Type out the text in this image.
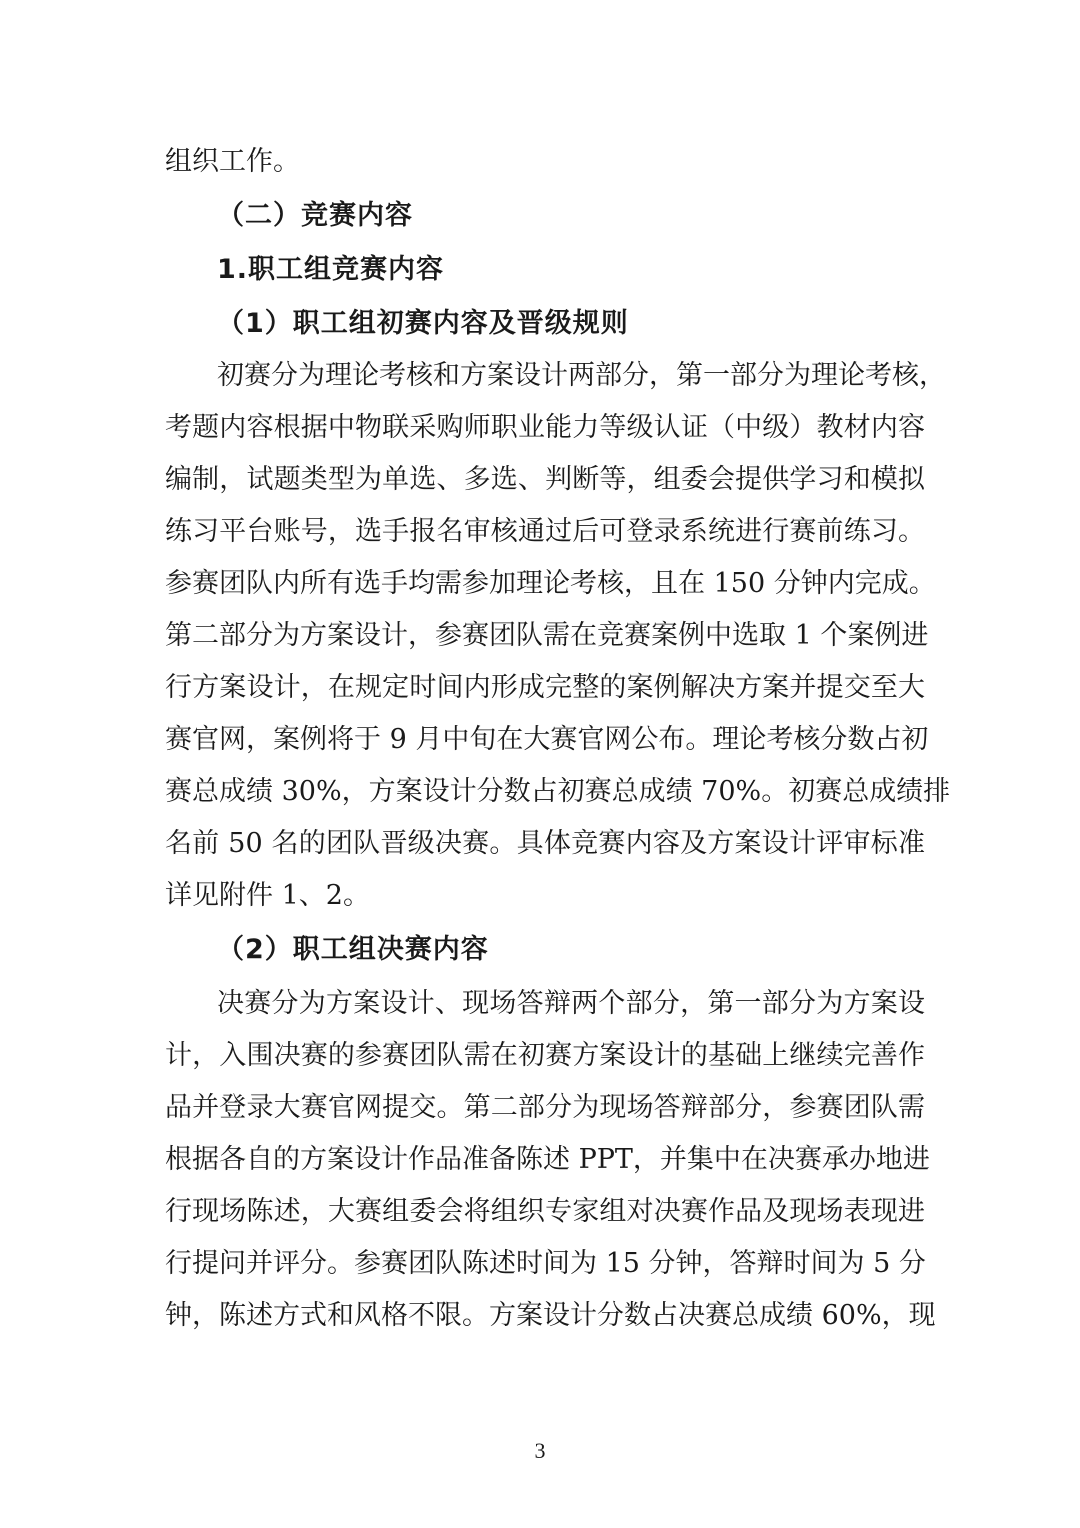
组织工作。
（二）竞赛内容
1.职工组竞赛内容
（1）职工组初赛内容及晋级规则
初赛分为理论考核和方案设计两部分，第一部分为理论考核，
考题内容根据中物联采购师职业能力等级认证（中级）教材内容
编制，试题类型为单选、多选、判断等，组委会提供学习和模拟
练习平台账号，选手报名审核通过后可登录系统进行赛前练习。
参赛团队内所有选手均需参加理论考核，且在 150 分钟内完成。
第二部分为方案设计，参赛团队需在竞赛案例中选取 1 个案例进
行方案设计，在规定时间内形成完整的案例解决方案并提交至大
赛官网，案例将于 9 月中旬在大赛官网公布。理论考核分数占初
赛总成绩 30%，方案设计分数占初赛总成绩 70%。初赛总成绩排
名前 50 名的团队晋级决赛。具体竞赛内容及方案设计评审标准
详见附件 1、2。
（2）职工组决赛内容
决赛分为方案设计、现场答辩两个部分，第一部分为方案设
计，入围决赛的参赛团队需在初赛方案设计的基础上继续完善作
品并登录大赛官网提交。第二部分为现场答辩部分，参赛团队需
根据各自的方案设计作品准备陈述 PPT，并集中在决赛承办地进
行现场陈述，大赛组委会将组织专家组对决赛作品及现场表现进
行提问并评分。参赛团队陈述时间为 15 分钟，答辩时间为 5 分
钟，陈述方式和风格不限。方案设计分数占决赛总成绩 60%，现
3
